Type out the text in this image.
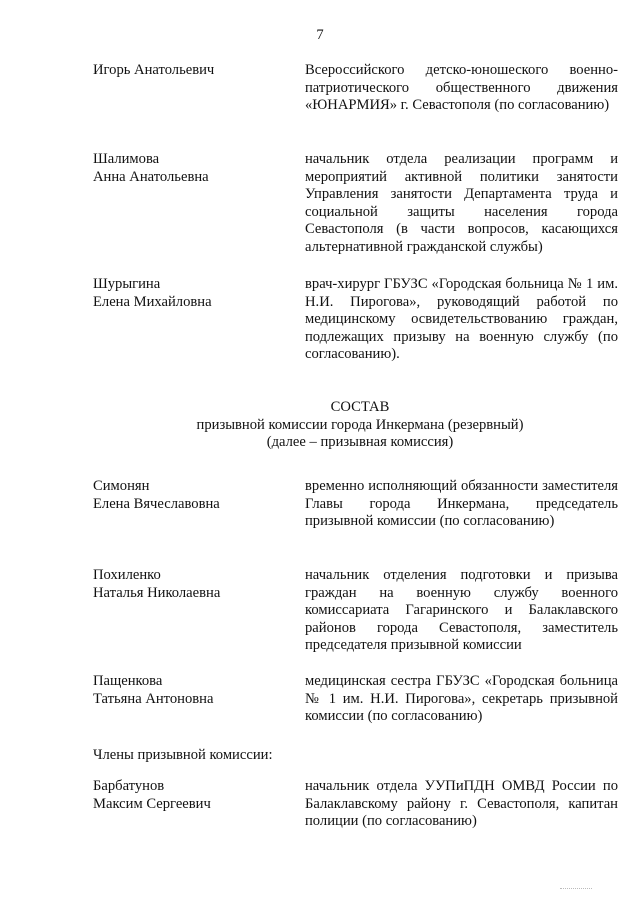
7
Игорь Анатольевич	Всероссийского детско-юношеского военно-патриотического общественного движения «ЮНАРМИЯ» г. Севастополя (по согласованию)
Шалимова
Анна Анатольевна
начальник отдела реализации программ и мероприятий активной политики занятости Управления занятости Департамента труда и социальной защиты населения города Севастополя (в части вопросов, касающихся альтернативной гражданской службы)
Шурыгина
Елена Михайловна
врач-хирург ГБУЗС «Городская больница № 1 им. Н.И. Пирогова», руководящий работой по медицинскому освидетельствованию граждан, подлежащих призыву на военную службу (по согласованию).
СОСТАВ
призывной комиссии города Инкермана (резервный)
(далее – призывная комиссия)
Симонян
Елена Вячеславовна
временно исполняющий обязанности заместителя Главы города Инкермана, председатель призывной комиссии (по согласованию)
Похиленко
Наталья Николаевна
начальник отделения подготовки и призыва граждан на военную службу военного комиссариата Гагаринского и Балаклавского районов города Севастополя, заместитель председателя призывной комиссии
Пащенкова
Татьяна Антоновна
медицинская сестра ГБУЗС «Городская больница № 1 им. Н.И. Пирогова», секретарь призывной комиссии (по согласованию)
Члены призывной комиссии:
Барбатунов
Максим Сергеевич
начальник отдела УУПиПДН ОМВД России по Балаклавскому району г. Севастополя, капитан полиции (по согласованию)
